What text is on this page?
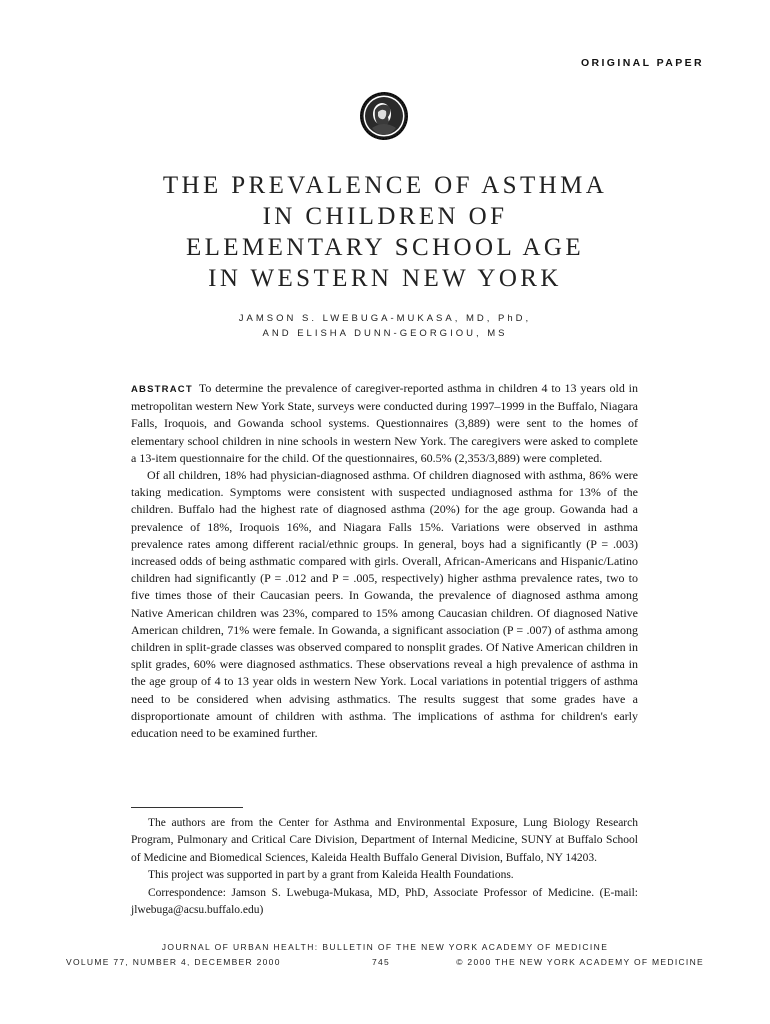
ORIGINAL PAPER
THE PREVALENCE OF ASTHMA
IN CHILDREN OF
ELEMENTARY SCHOOL AGE
IN WESTERN NEW YORK
JAMSON S. LWEBUGA-MUKASA, MD, PhD,
AND ELISHA DUNN-GEORGIOU, MS

ABSTRACT To determine the prevalence of caregiver-reported asthma in children 4 to 13 years old in metropolitan western New York State, surveys were conducted during 1997–1999 in the Buffalo, Niagara Falls, Iroquois, and Gowanda school systems. Questionnaires (3,889) were sent to the homes of elementary school children in nine schools in western New York. The caregivers were asked to complete a 13-item questionnaire for the child. Of the questionnaires, 60.5% (2,353/3,889) were completed.

Of all children, 18% had physician-diagnosed asthma. Of children diagnosed with asthma, 86% were taking medication. Symptoms were consistent with suspected undiagnosed asthma for 13% of the children. Buffalo had the highest rate of diagnosed asthma (20%) for the age group. Gowanda had a prevalence of 18%, Iroquois 16%, and Niagara Falls 15%. Variations were observed in asthma prevalence rates among different racial/ethnic groups. In general, boys had a significantly (P = .003) increased odds of being asthmatic compared with girls. Overall, African-Americans and Hispanic/Latino children had significantly (P = .012 and P = .005, respectively) higher asthma prevalence rates, two to five times those of their Caucasian peers. In Gowanda, the prevalence of diagnosed asthma among Native American children was 23%, compared to 15% among Caucasian children. Of diagnosed Native American children, 71% were female. In Gowanda, a significant association (P = .007) of asthma among children in split-grade classes was observed compared to nonsplit grades. Of Native American children in split grades, 60% were diagnosed asthmatics. These observations reveal a high prevalence of asthma in the age group of 4 to 13 year olds in western New York. Local variations in potential triggers of asthma need to be considered when advising asthmatics. The results suggest that some grades have a disproportionate amount of children with asthma. The implications of asthma for children's early education need to be examined further.

The authors are from the Center for Asthma and Environmental Exposure, Lung Biology Research Program, Pulmonary and Critical Care Division, Department of Internal Medicine, SUNY at Buffalo School of Medicine and Biomedical Sciences, Kaleida Health Buffalo General Division, Buffalo, NY 14203.

This project was supported in part by a grant from Kaleida Health Foundations.

Correspondence: Jamson S. Lwebuga-Mukasa, MD, PhD, Associate Professor of Medicine. (E-mail: jlwebuga@acsu.buffalo.edu)

JOURNAL OF URBAN HEALTH: BULLETIN OF THE NEW YORK ACADEMY OF MEDICINE
VOLUME 77, NUMBER 4, DECEMBER 2000	745	© 2000 THE NEW YORK ACADEMY OF MEDICINE
